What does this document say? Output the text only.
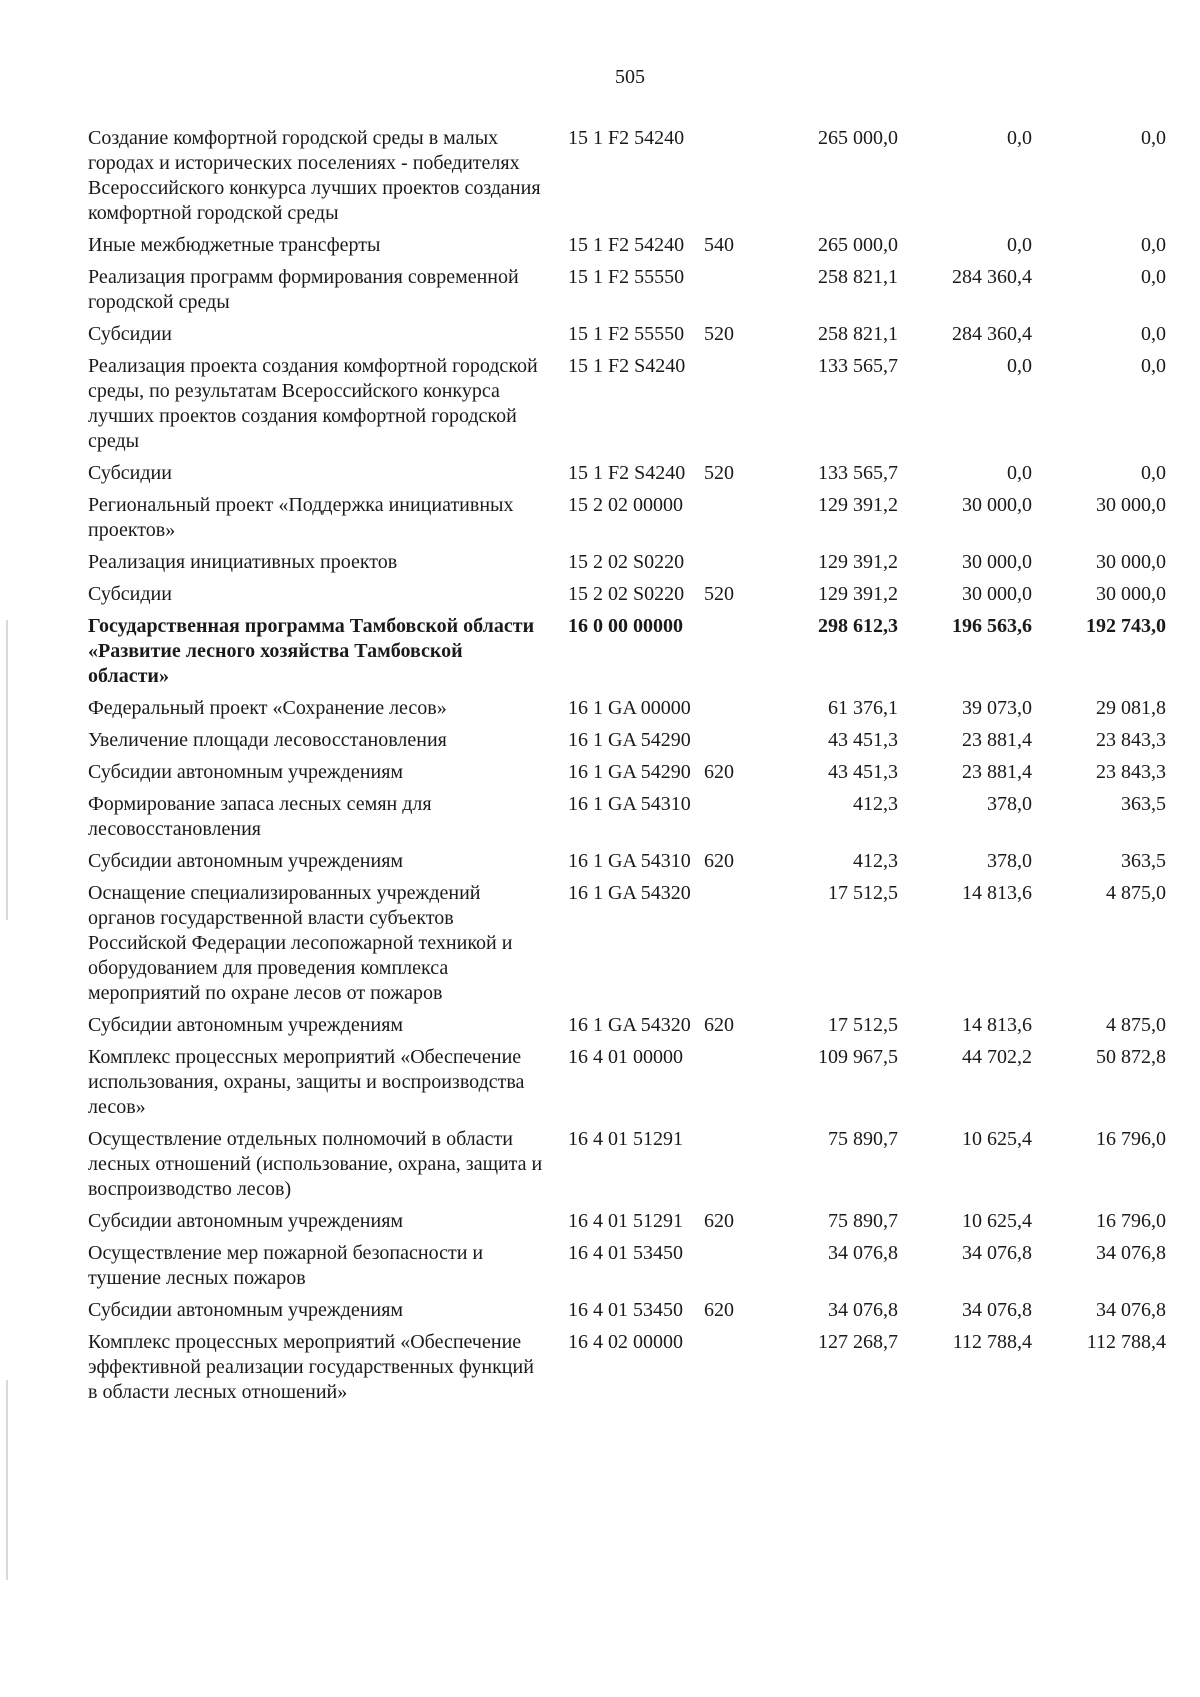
505
Создание комфортной городской среды в малых городах и исторических поселениях - победителях Всероссийского конкурса лучших проектов создания комфортной городской среды	15 1 F2 54240		265 000,0	0,0	0,0
Иные межбюджетные трансферты	15 1 F2 54240	540	265 000,0	0,0	0,0
Реализация программ формирования современной городской среды	15 1 F2 55550		258 821,1	284 360,4	0,0
Субсидии	15 1 F2 55550	520	258 821,1	284 360,4	0,0
Реализация проекта создания комфортной городской среды, по результатам Всероссийского конкурса лучших проектов создания комфортной городской среды	15 1 F2 S4240		133 565,7	0,0	0,0
Субсидии	15 1 F2 S4240	520	133 565,7	0,0	0,0
Региональный проект «Поддержка инициативных проектов»	15 2 02 00000		129 391,2	30 000,0	30 000,0
Реализация инициативных проектов	15 2 02 S0220		129 391,2	30 000,0	30 000,0
Субсидии	15 2 02 S0220	520	129 391,2	30 000,0	30 000,0
Государственная программа Тамбовской области «Развитие лесного хозяйства Тамбовской области»	16 0 00 00000		298 612,3	196 563,6	192 743,0
Федеральный проект «Сохранение лесов»	16 1 GA 00000		61 376,1	39 073,0	29 081,8
Увеличение площади лесовосстановления	16 1 GA 54290		43 451,3	23 881,4	23 843,3
Субсидии автономным учреждениям	16 1 GA 54290	620	43 451,3	23 881,4	23 843,3
Формирование запаса лесных семян для лесовосстановления	16 1 GA 54310		412,3	378,0	363,5
Субсидии автономным учреждениям	16 1 GA 54310	620	412,3	378,0	363,5
Оснащение специализированных учреждений органов государственной власти субъектов Российской Федерации лесопожарной техникой и оборудованием для проведения комплекса мероприятий по охране лесов от пожаров	16 1 GA 54320		17 512,5	14 813,6	4 875,0
Субсидии автономным учреждениям	16 1 GA 54320	620	17 512,5	14 813,6	4 875,0
Комплекс процессных мероприятий «Обеспечение использования, охраны, защиты и воспроизводства лесов»	16 4 01 00000		109 967,5	44 702,2	50 872,8
Осуществление отдельных полномочий в области лесных отношений (использование, охрана, защита и воспроизводство лесов)	16 4 01 51291		75 890,7	10 625,4	16 796,0
Субсидии автономным учреждениям	16 4 01 51291	620	75 890,7	10 625,4	16 796,0
Осуществление мер пожарной безопасности и тушение лесных пожаров	16 4 01 53450		34 076,8	34 076,8	34 076,8
Субсидии автономным учреждениям	16 4 01 53450	620	34 076,8	34 076,8	34 076,8
Комплекс процессных мероприятий «Обеспечение эффективной реализации государственных функций в области лесных отношений»	16 4 02 00000		127 268,7	112 788,4	112 788,4
